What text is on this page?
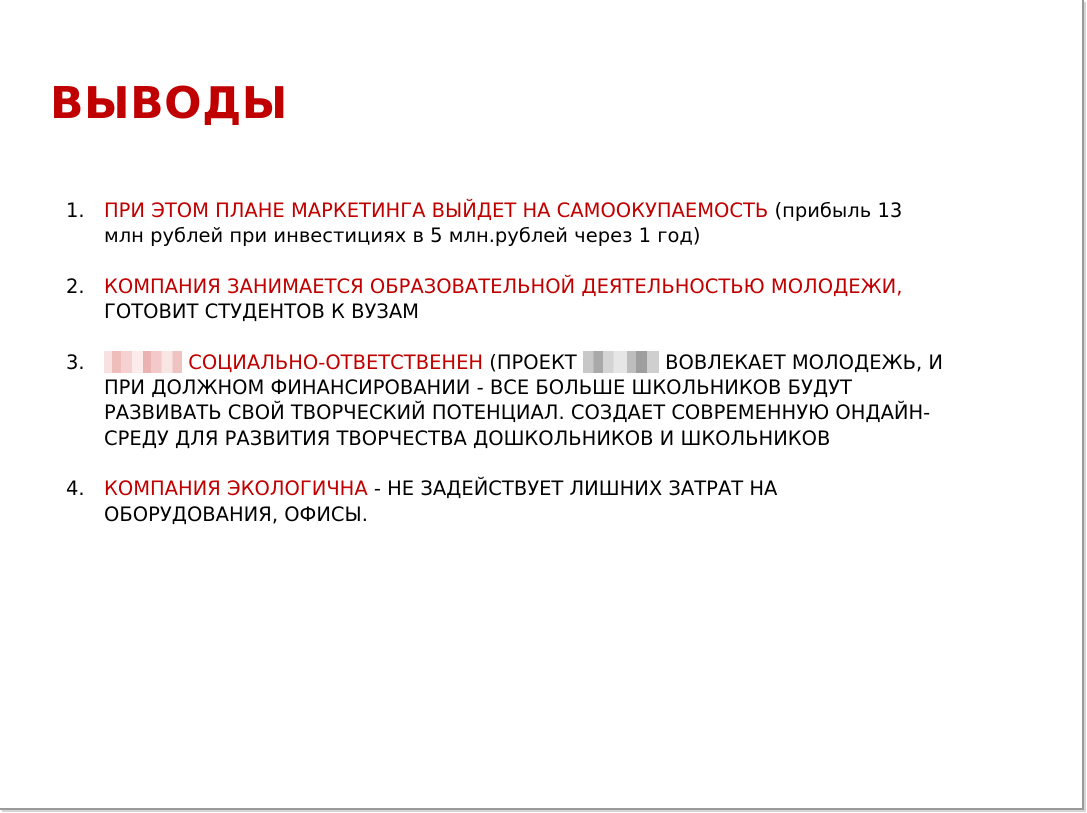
ВЫВОДЫ
1. ПРИ ЭТОМ ПЛАНЕ МАРКЕТИНГА ВЫЙДЕТ НА САМООКУПАЕМОСТЬ (прибыль 13 млн рублей при инвестициях в 5 млн.рублей через 1 год)
2. КОМПАНИЯ ЗАНИМАЕТСЯ ОБРАЗОВАТЕЛЬНОЙ ДЕЯТЕЛЬНОСТЬЮ МОЛОДЕЖИ, ГОТОВИТ СТУДЕНТОВ К ВУЗАМ
3.	СОЦИАЛЬНО-ОТВЕТСТВЕНЕН (ПРОЕКТ	ВОВЛЕКАЕТ МОЛОДЕЖЬ, И ПРИ ДОЛЖНОМ ФИНАНСИРОВАНИИ - ВСЕ БОЛЬШЕ ШКОЛЬНИКОВ БУДУТ РАЗВИВАТЬ СВОЙ ТВОРЧЕСКИЙ ПОТЕНЦИАЛ. СОЗДАЕТ СОВРЕМЕННУЮ ОНДАЙН-СРЕДУ ДЛЯ РАЗВИТИЯ ТВОРЧЕСТВА ДОШКОЛЬНИКОВ И ШКОЛЬНИКОВ
4. КОМПАНИЯ ЭКОЛОГИЧНА - НЕ ЗАДЕЙСТВУЕТ ЛИШНИХ ЗАТРАТ НА ОБОРУДОВАНИЯ, ОФИСЫ.
